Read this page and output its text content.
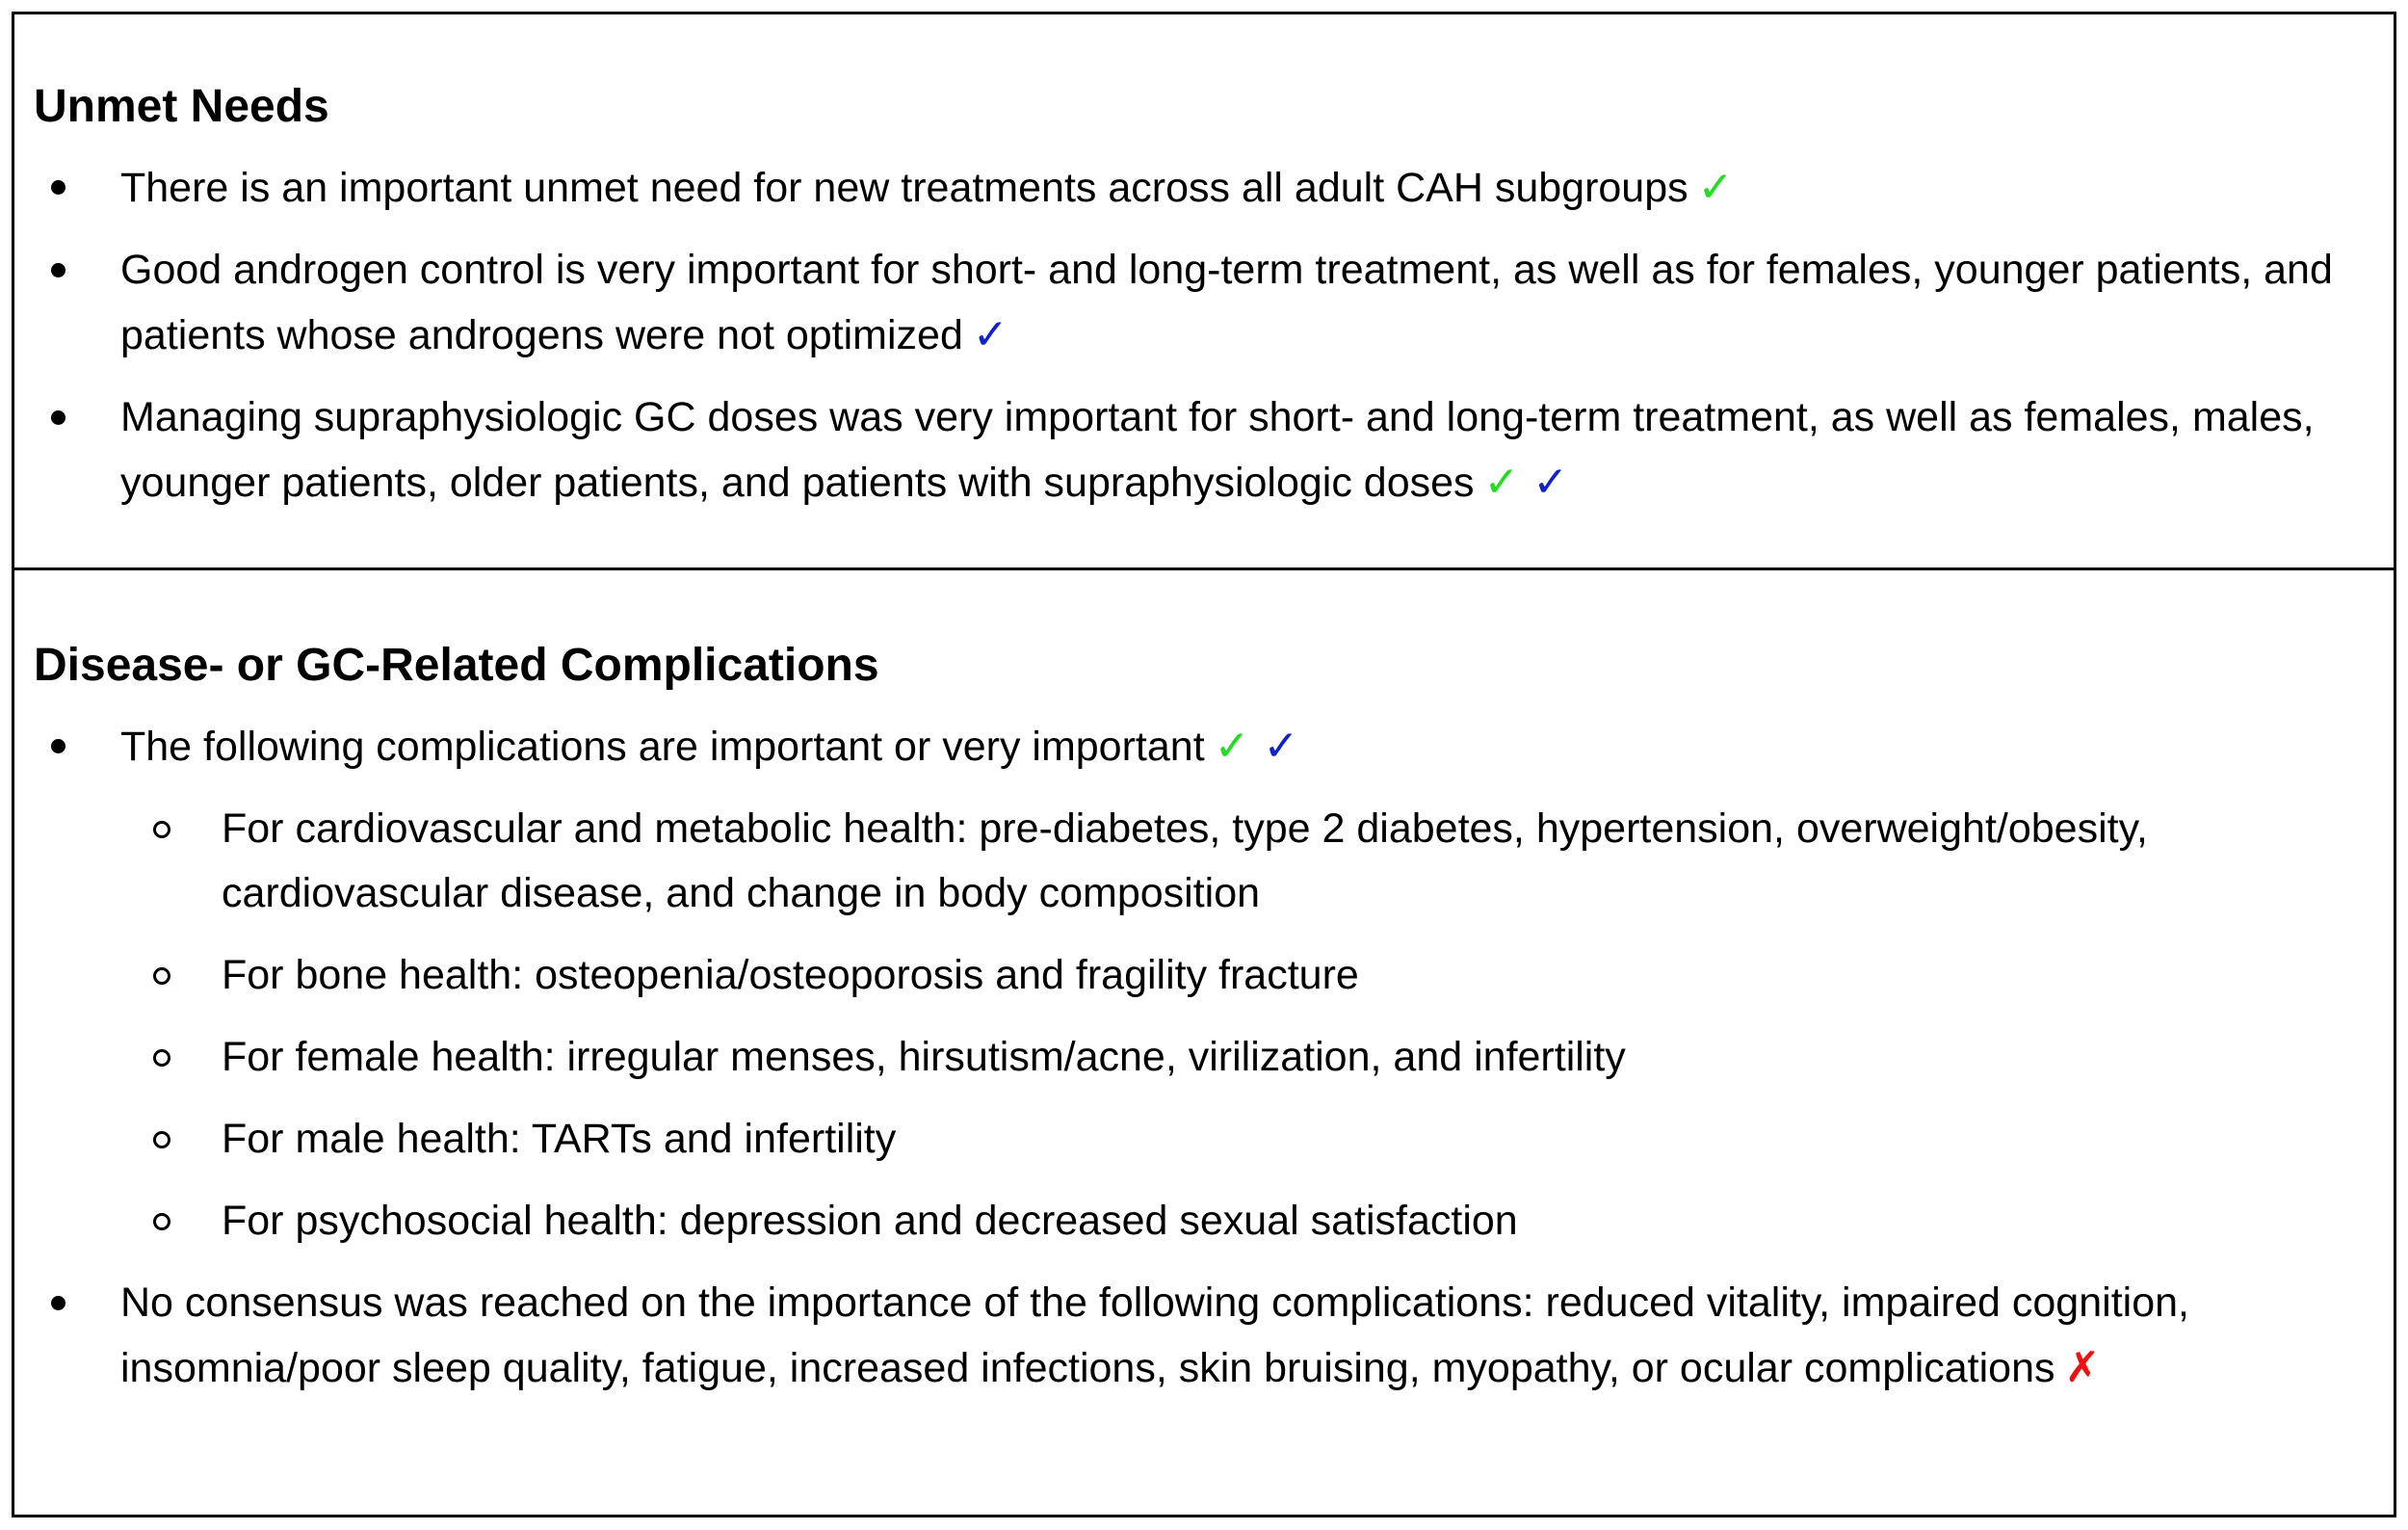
Unmet Needs
There is an important unmet need for new treatments across all adult CAH subgroups ✓
Good androgen control is very important for short- and long-term treatment, as well as for females, younger patients, and patients whose androgens were not optimized ✓
Managing supraphysiologic GC doses was very important for short- and long-term treatment, as well as females, males, younger patients, older patients, and patients with supraphysiologic doses ✓ ✓
Disease- or GC-Related Complications
The following complications are important or very important ✓ ✓
For cardiovascular and metabolic health: pre-diabetes, type 2 diabetes, hypertension, overweight/obesity, cardiovascular disease, and change in body composition
For bone health: osteopenia/osteoporosis and fragility fracture
For female health: irregular menses, hirsutism/acne, virilization, and infertility
For male health: TARTs and infertility
For psychosocial health: depression and decreased sexual satisfaction
No consensus was reached on the importance of the following complications: reduced vitality, impaired cognition, insomnia/poor sleep quality, fatigue, increased infections, skin bruising, myopathy, or ocular complications ✗
